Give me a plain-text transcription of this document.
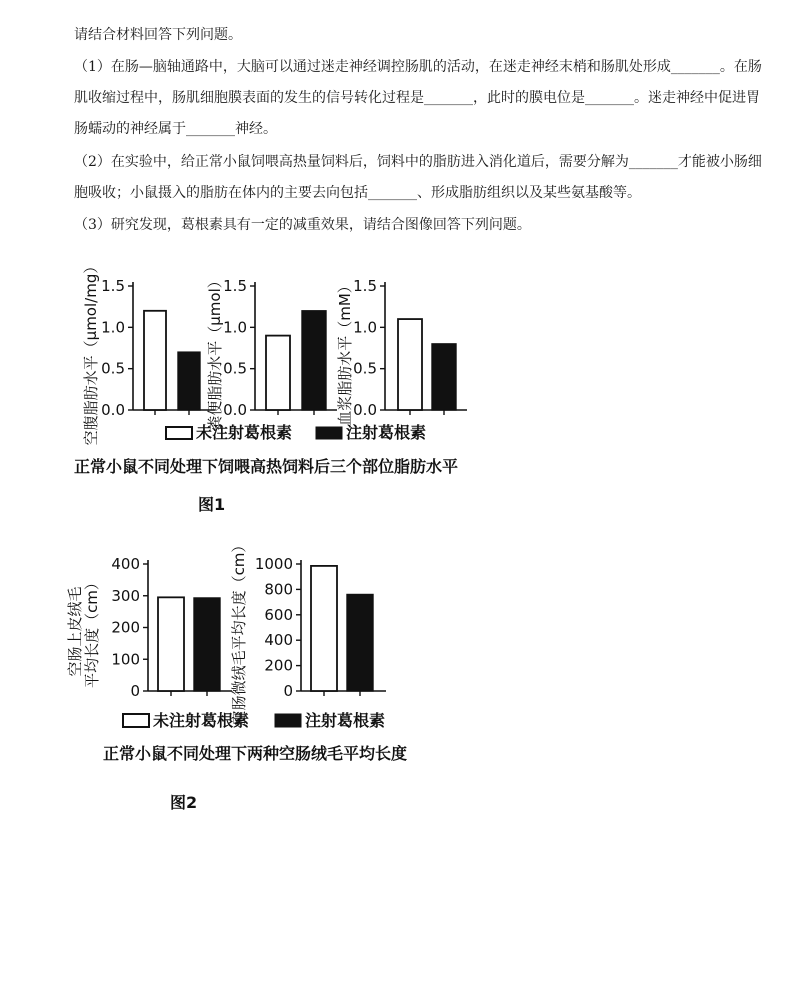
请结合材料回答下列问题。
（1）在肠—脑轴通路中，大脑可以通过迷走神经调控肠肌的活动，在迷走神经末梢和肠肌处形成_______。在肠肌收缩过程中，肠肌细胞膜表面的发生的信号转化过程是_______，此时的膜电位是_______。迷走神经中促进胃肠蠕动的神经属于_______神经。
（2）在实验中，给正常小鼠饲喂高热量饲料后，饲料中的脂肪进入消化道后，需要分解为_______才能被小肠细胞吸收；小鼠摄入的脂肪在体内的主要去向包括_______、形成脂肪组织以及某些氨基酸等。
（3）研究发现，葛根素具有一定的减重效果，请结合图像回答下列问题。
0.0
0.5
1.0
1.5
空腹脂肪水平（μmol/mg）	0.0
0.5
1.0
1.5
粪便脂肪水平（μmol）	0.0
0.5
1.0
1.5
血浆脂肪水平（mM）
未注射葛根素	注射葛根素
正常小鼠不同处理下饲喂高热饲料后三个部位脂肪水平
图1
0
100
200
300
400
空肠上皮绒毛平均长度（cm）
0
200
400
600
800
1000
空肠微绒毛平均长度（cm）
未注射葛根素	注射葛根素
正常小鼠不同处理下两种空肠绒毛平均长度
图2
